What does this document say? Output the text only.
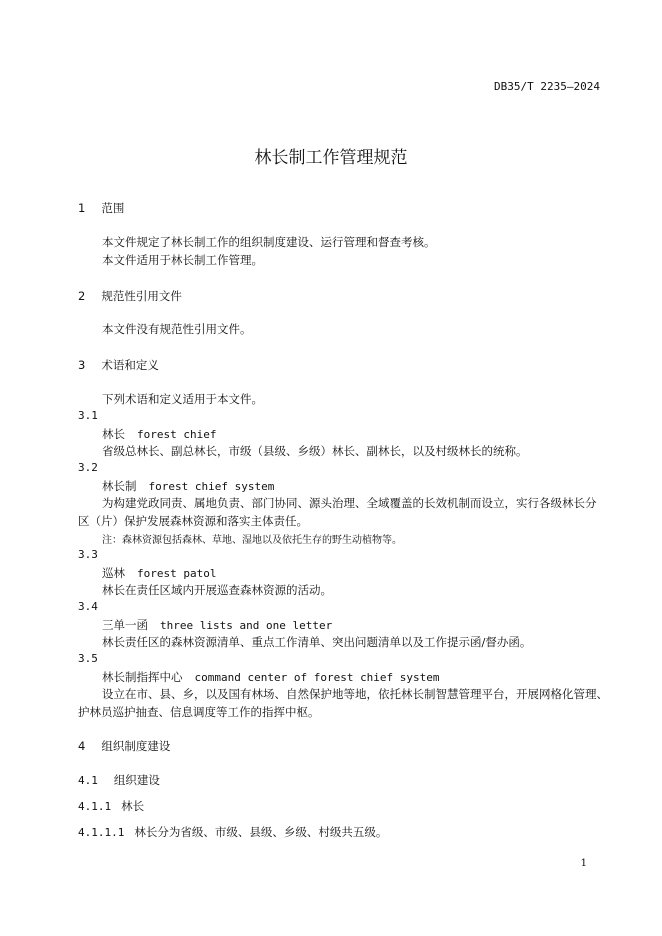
DB35/T 2235—2024
林长制工作管理规范
1 范围
本文件规定了林长制工作的组织制度建设、运行管理和督查考核。
本文件适用于林长制工作管理。
2 规范性引用文件
本文件没有规范性引用文件。
3 术语和定义
下列术语和定义适用于本文件。
3.1
林长 forest chief
省级总林长、副总林长，市级（县级、乡级）林长、副林长，以及村级林长的统称。
3.2
林长制 forest chief system
为构建党政同责、属地负责、部门协同、源头治理、全域覆盖的长效机制而设立，实行各级林长分
区（片）保护发展森林资源和落实主体责任。
注：森林资源包括森林、草地、湿地以及依托生存的野生动植物等。
3.3
巡林 forest patol
林长在责任区域内开展巡查森林资源的活动。
3.4
三单一函 three lists and one letter
林长责任区的森林资源清单、重点工作清单、突出问题清单以及工作提示函/督办函。
3.5
林长制指挥中心 command center of forest chief system
设立在市、县、乡，以及国有林场、自然保护地等地，依托林长制智慧管理平台，开展网格化管理、
护林员巡护抽查、信息调度等工作的指挥中枢。
4 组织制度建设
4.1 组织建设
4.1.1 林长
4.1.1.1 林长分为省级、市级、县级、乡级、村级共五级。
1
